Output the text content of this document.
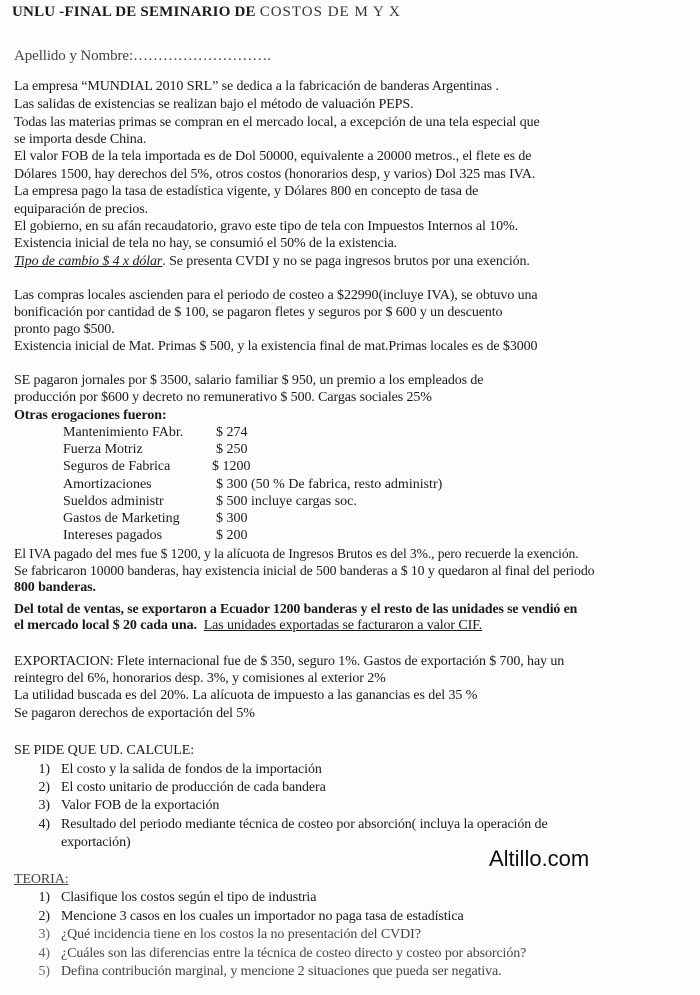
UNLU -FINAL DE SEMINARIO DE COSTOS DE M Y X
Apellido y Nombre:……………………….
La empresa “MUNDIAL 2010 SRL” se dedica a la fabricación de banderas Argentinas .
Las salidas de existencias se realizan bajo el método de valuación PEPS.
Todas las materias primas se compran en el mercado local, a excepción de una tela especial que
se importa desde China.
El valor FOB de la tela importada es de Dol 50000, equivalente a 20000 metros., el flete es de
Dólares 1500, hay derechos del 5%, otros costos (honorarios desp, y varios) Dol 325 mas IVA.
La empresa pago la tasa de estadística vigente, y Dólares 800 en concepto de tasa de
equiparación de precios.
El gobierno, en su afán recaudatorio, gravo este tipo de tela con Impuestos Internos al 10%.
Existencia inicial de tela no hay, se consumió el 50% de la existencia.
Tipo de cambio $ 4 x dólar. Se presenta CVDI y no se paga ingresos brutos por una exención.
Las compras locales ascienden para el periodo de costeo a $22990(incluye IVA), se obtuvo una
bonificación por cantidad de $ 100, se pagaron fletes y seguros por $ 600 y un descuento
pronto pago $500.
Existencia inicial de Mat. Primas $ 500, y la existencia final de mat.Primas locales es de $3000
SE pagaron jornales por $ 3500, salario familiar $ 950, un premio a los empleados de
producción por $600 y decreto no remunerativo $ 500. Cargas sociales 25%
Otras erogaciones fueron:
Mantenimiento FAbr. $ 274
Fuerza Motriz	$ 250
Seguros de Fabrica	$ 1200
Amortizaciones	$ 300 (50 % De fabrica, resto administr)
Sueldos administr	$ 500 incluye cargas soc.
Gastos de Marketing	$ 300
Intereses pagados	$ 200
El IVA pagado del mes fue $ 1200, y la alícuota de Ingresos Brutos es del 3%., pero recuerde la exención.
Se fabricaron 10000 banderas, hay existencia inicial de 500 banderas a $ 10 y quedaron al final del periodo
800 banderas.
Del total de ventas, se exportaron a Ecuador 1200 banderas y el resto de las unidades se vendió en
el mercado local $ 20 cada una. Las unidades exportadas se facturaron a valor CIF.
EXPORTACION: Flete internacional fue de $ 350, seguro 1%. Gastos de exportación $ 700, hay un
reintegro del 6%, honorarios desp. 3%, y comisiones al exterior 2%
La utilidad buscada es del 20%. La alícuota de impuesto a las ganancias es del 35 %
Se pagaron derechos de exportación del 5%
SE PIDE QUE UD. CALCULE:
1) El costo y la salida de fondos de la importación
2) El costo unitario de producción de cada bandera
3) Valor FOB de la exportación
4) Resultado del periodo mediante técnica de costeo por absorción( incluya la operación de
exportación)
Altillo.com
TEORIA:
1) Clasifique los costos según el tipo de industria
2) Mencione 3 casos en los cuales un importador no paga tasa de estadística
3) ¿Qué incidencia tiene en los costos la no presentación del CVDI?
4) ¿Cuáles son las diferencias entre la técnica de costeo directo y costeo por absorción?
5) Defina contribución marginal, y mencione 2 situaciones que pueda ser negativa.
